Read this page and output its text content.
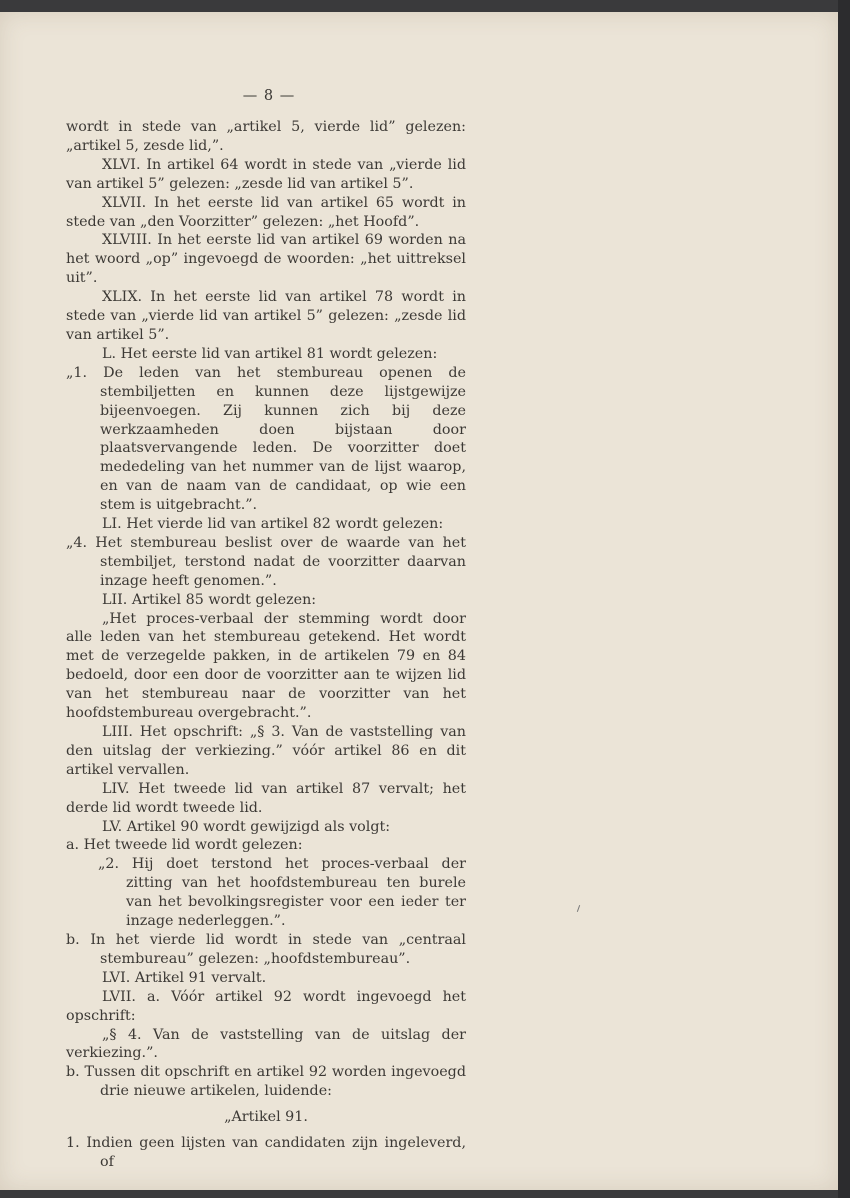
— 8 —

wordt in stede van „artikel 5, vierde lid” gelezen: „artikel 5, zesde lid,”.

XLVI. In artikel 64 wordt in stede van „vierde lid van artikel 5” gelezen: „zesde lid van artikel 5”.

XLVII. In het eerste lid van artikel 65 wordt in stede van „den Voorzitter” gelezen: „het Hoofd”.

XLVIII. In het eerste lid van artikel 69 worden na het woord „op” ingevoegd de woorden: „het uittreksel uit”.

XLIX. In het eerste lid van artikel 78 wordt in stede van „vierde lid van artikel 5” gelezen: „zesde lid van artikel 5”.

L. Het eerste lid van artikel 81 wordt gelezen:

„1. De leden van het stembureau openen de stembiljetten en kunnen deze lijstgewijze bijeenvoegen. Zij kunnen zich bij deze werkzaamheden doen bijstaan door plaatsvervangende leden. De voorzitter doet mededeling van het nummer van de lijst waarop, en van de naam van de candidaat, op wie een stem is uitgebracht.”.

LI. Het vierde lid van artikel 82 wordt gelezen:

„4. Het stembureau beslist over de waarde van het stembiljet, terstond nadat de voorzitter daarvan inzage heeft genomen.”.

LII. Artikel 85 wordt gelezen:

„Het proces-verbaal der stemming wordt door alle leden van het stembureau getekend. Het wordt met de verzegelde pakken, in de artikelen 79 en 84 bedoeld, door een door de voorzitter aan te wijzen lid van het stembureau naar de voorzitter van het hoofdstembureau overgebracht.”.

LIII. Het opschrift: „§ 3. Van de vaststelling van den uitslag der verkiezing.” vóór artikel 86 en dit artikel vervallen.

LIV. Het tweede lid van artikel 87 vervalt; het derde lid wordt tweede lid.

LV. Artikel 90 wordt gewijzigd als volgt:

a. Het tweede lid wordt gelezen:

„2. Hij doet terstond het proces-verbaal der zitting van het hoofdstembureau ten burele van het bevolkingsregister voor een ieder ter inzage nederleggen.”.

b. In het vierde lid wordt in stede van „centraal stembureau” gelezen: „hoofdstembureau”.

LVI. Artikel 91 vervalt.

LVII. a. Vóór artikel 92 wordt ingevoegd het opschrift:

„§ 4. Van de vaststelling van de uitslag der verkiezing.”.

b. Tussen dit opschrift en artikel 92 worden ingevoegd drie nieuwe artikelen, luidende:

„Artikel 91.

1. Indien geen lijsten van candidaten zijn ingeleverd, of
